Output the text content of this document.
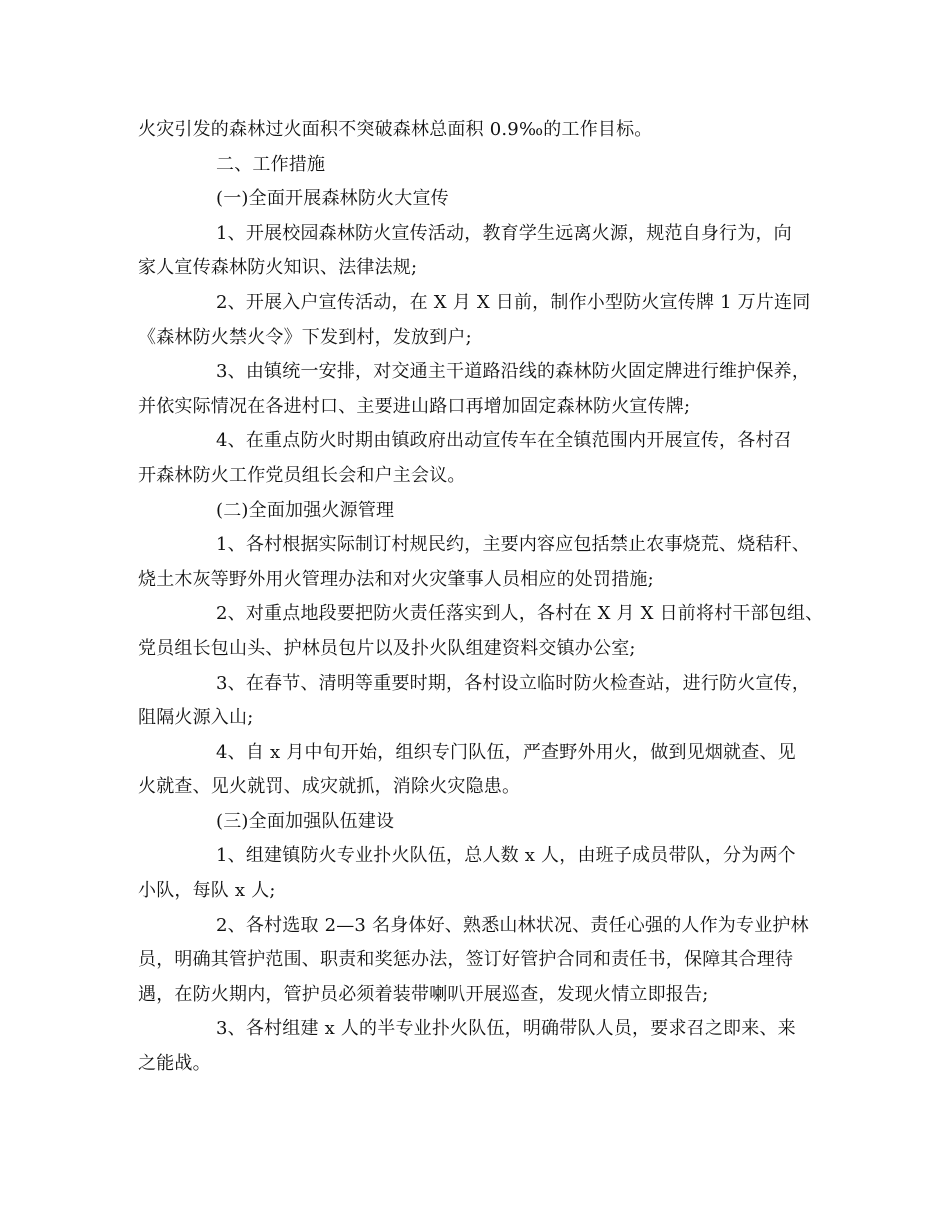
火灾引发的森林过火面积不突破森林总面积 0.9‰的工作目标。
二、工作措施
(一)全面开展森林防火大宣传
1、开展校园森林防火宣传活动，教育学生远离火源，规范自身行为，向
家人宣传森林防火知识、法律法规;
2、开展入户宣传活动，在 X 月 X 日前，制作小型防火宣传牌 1 万片连同
《森林防火禁火令》下发到村，发放到户;
3、由镇统一安排，对交通主干道路沿线的森林防火固定牌进行维护保养，
并依实际情况在各进村口、主要进山路口再增加固定森林防火宣传牌;
4、在重点防火时期由镇政府出动宣传车在全镇范围内开展宣传，各村召
开森林防火工作党员组长会和户主会议。
(二)全面加强火源管理
1、各村根据实际制订村规民约，主要内容应包括禁止农事烧荒、烧秸秆、
烧土木灰等野外用火管理办法和对火灾肇事人员相应的处罚措施;
2、对重点地段要把防火责任落实到人，各村在 X 月 X 日前将村干部包组、
党员组长包山头、护林员包片以及扑火队组建资料交镇办公室;
3、在春节、清明等重要时期，各村设立临时防火检查站，进行防火宣传，
阻隔火源入山;
4、自 x 月中旬开始，组织专门队伍，严查野外用火，做到见烟就查、见
火就查、见火就罚、成灾就抓，消除火灾隐患。
(三)全面加强队伍建设
1、组建镇防火专业扑火队伍，总人数 x 人，由班子成员带队，分为两个
小队，每队 x 人;
2、各村选取 2—3 名身体好、熟悉山林状况、责任心强的人作为专业护林
员，明确其管护范围、职责和奖惩办法，签订好管护合同和责任书，保障其合理待
遇，在防火期内，管护员必须着装带喇叭开展巡查，发现火情立即报告;
3、各村组建 x 人的半专业扑火队伍，明确带队人员，要求召之即来、来
之能战。
